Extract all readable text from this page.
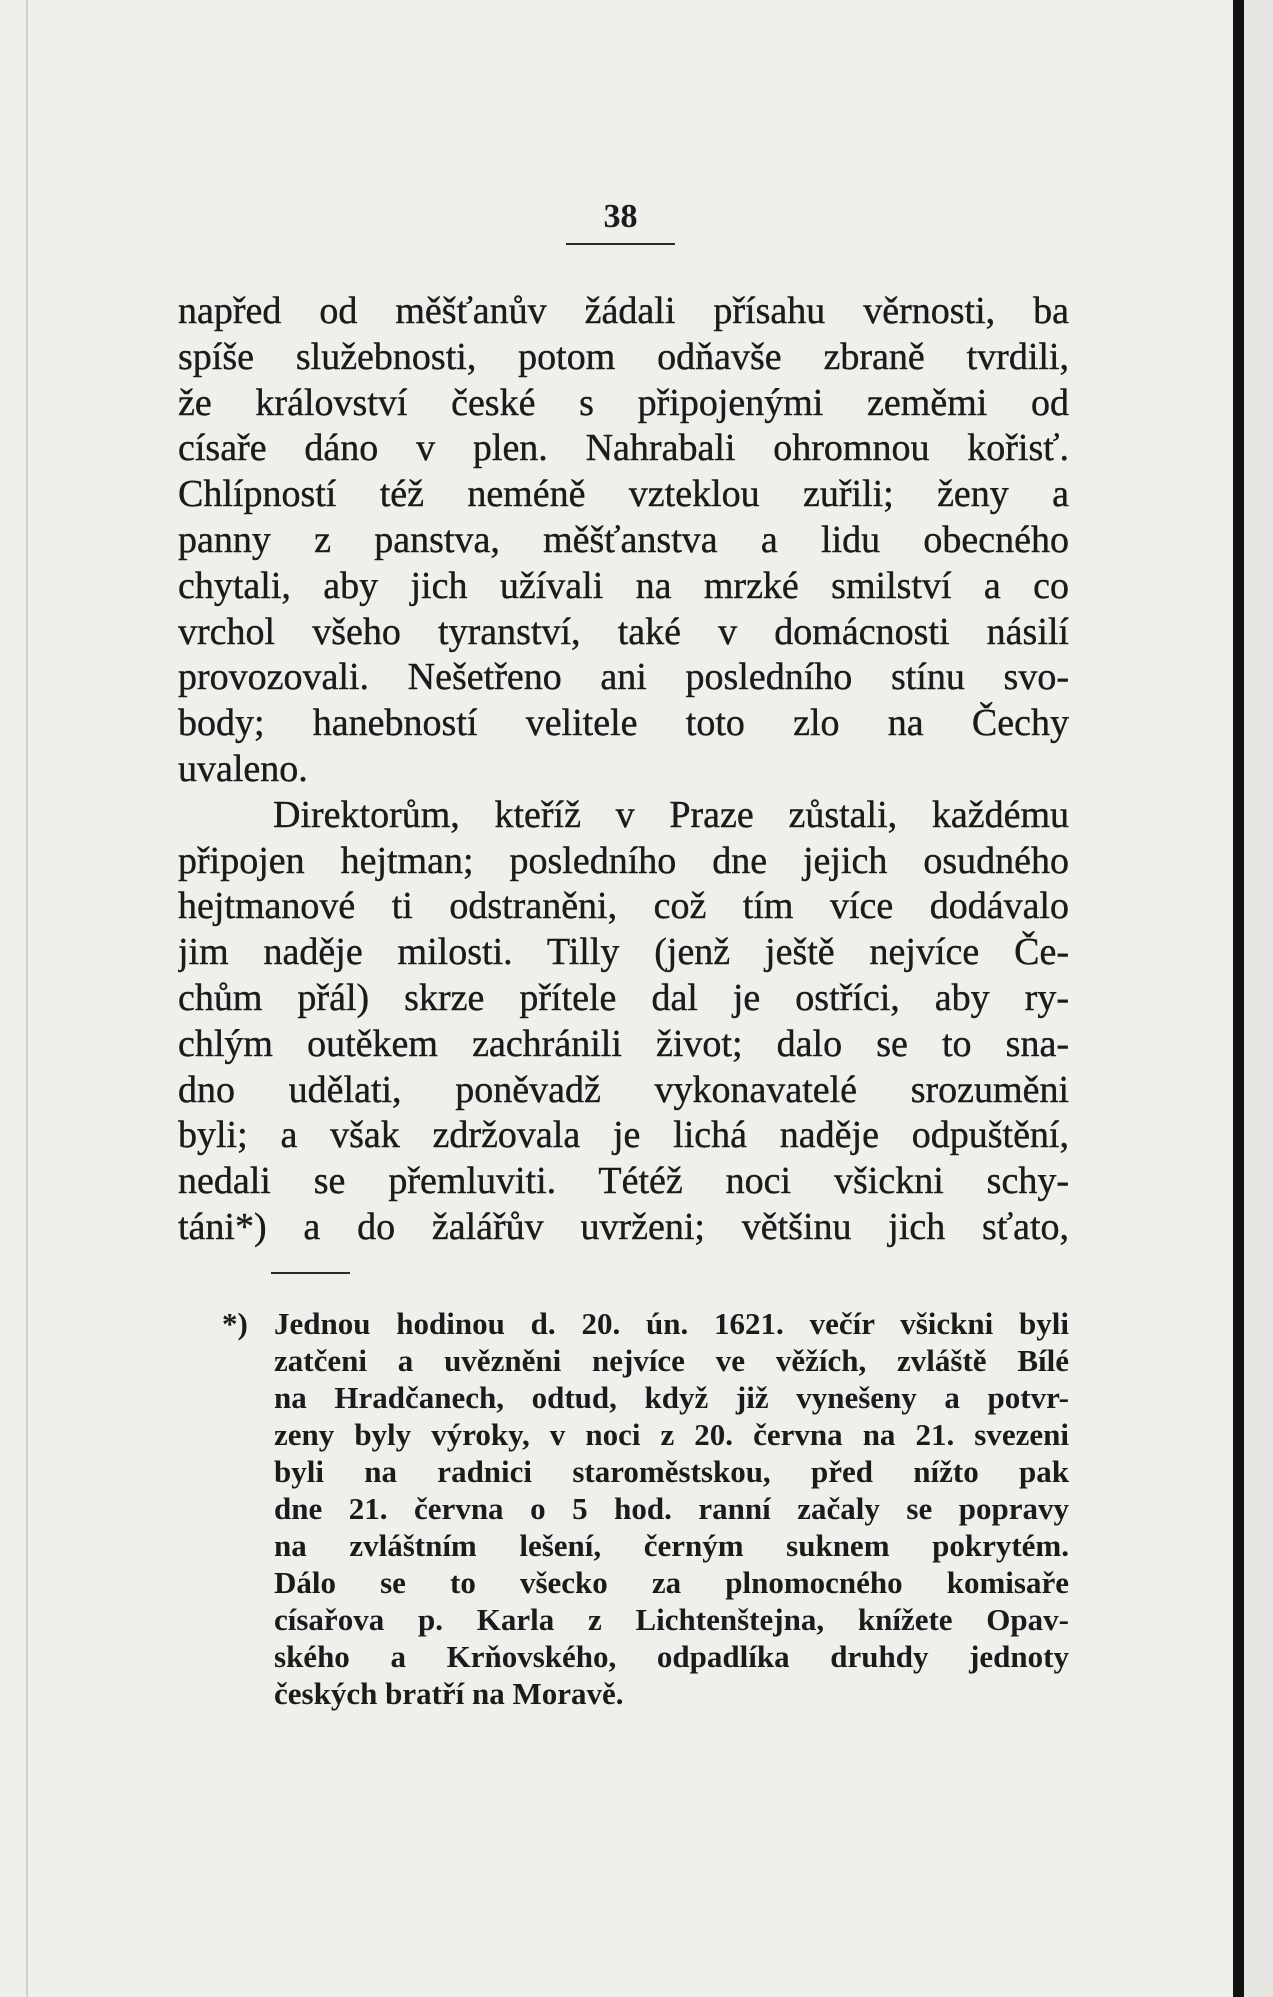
38
napřed od měšťanův žádali přísahu věrnosti, ba
spíše služebnosti, potom odňavše zbraně tvrdili,
že království české s připojenými zeměmi od
císaře dáno v plen. Nahrabali ohromnou kořisť.
Chlípností též neméně vzteklou zuřili; ženy a
panny z panstva, měšťanstva a lidu obecného
chytali, aby jich užívali na mrzké smilství a co
vrchol všeho tyranství, také v domácnosti násilí
provozovali. Nešetřeno ani posledního stínu svo-
body; hanebností velitele toto zlo na Čechy
uvaleno.
Direktorům, kteříž v Praze zůstali, každému
připojen hejtman; posledního dne jejich osudného
hejtmanové ti odstraněni, což tím více dodávalo
jim naděje milosti. Tilly (jenž ještě nejvíce Če-
chům přál) skrze přítele dal je ostříci, aby ry-
chlým outěkem zachránili život; dalo se to sna-
dno udělati, poněvadž vykonavatelé srozuměni
byli; a však zdržovala je lichá naděje odpuštění,
nedali se přemluviti. Tétéž noci všickni schy-
táni*) a do žalářův uvrženi; většinu jich sťato,
*) Jednou hodinou d. 20. ún. 1621. večír všickni byli
zatčeni a uvězněni nejvíce ve věžích, zvláště Bílé
na Hradčanech, odtud, když již vynešeny a potvr-
zeny byly výroky, v noci z 20. června na 21. svezeni
byli na radnici staroměstskou, před nížto pak
dne 21. června o 5 hod. ranní začaly se popravy
na zvláštním lešení, černým suknem pokrytém.
Dálo se to všecko za plnomocného komisaře
císařova p. Karla z Lichtenštejna, knížete Opav-
ského a Krňovského, odpadlíka druhdy jednoty
českých bratří na Moravě.
